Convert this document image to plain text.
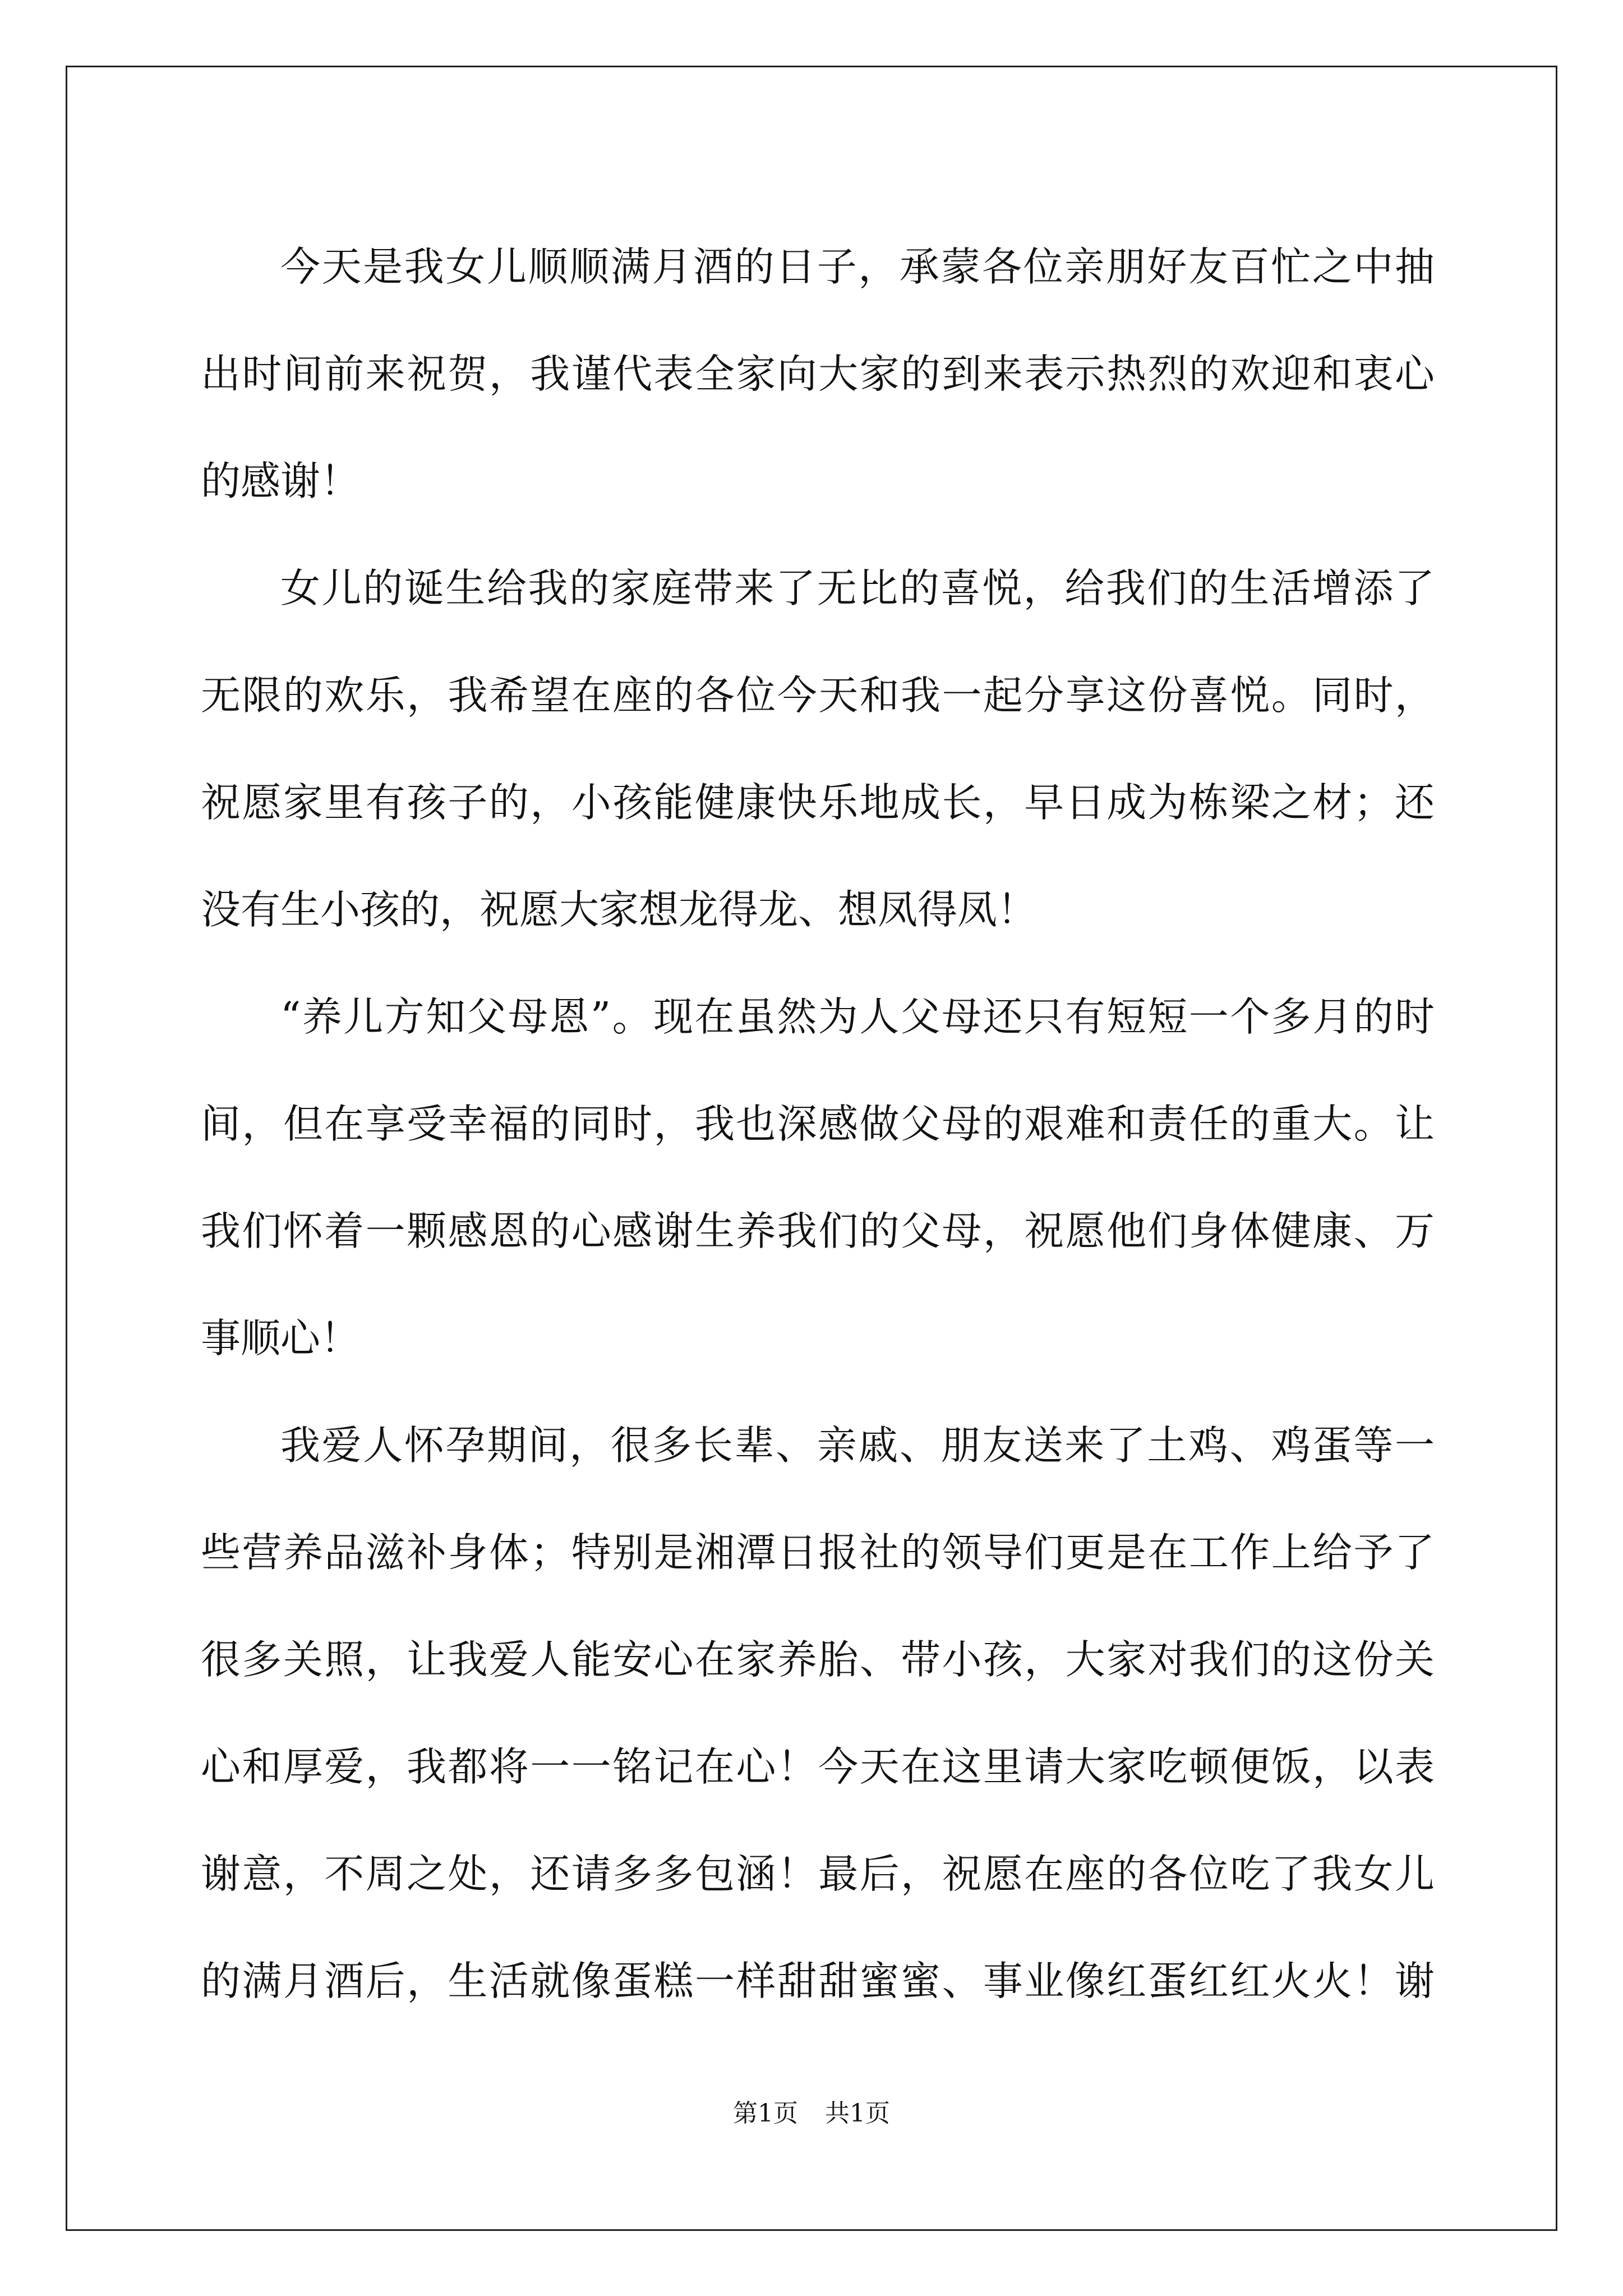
今天是我女儿顺顺满月酒的日子，承蒙各位亲朋好友百忙之中抽
出时间前来祝贺，我谨代表全家向大家的到来表示热烈的欢迎和衷心
的感谢！
女儿的诞生给我的家庭带来了无比的喜悦，给我们的生活增添了
无限的欢乐，我希望在座的各位今天和我一起分享这份喜悦。同时，
祝愿家里有孩子的，小孩能健康快乐地成长，早日成为栋梁之材；还
没有生小孩的，祝愿大家想龙得龙、想凤得凤！
“养儿方知父母恩”。现在虽然为人父母还只有短短一个多月的时
间，但在享受幸福的同时，我也深感做父母的艰难和责任的重大。让
我们怀着一颗感恩的心感谢生养我们的父母，祝愿他们身体健康、万
事顺心！
我爱人怀孕期间，很多长辈、亲戚、朋友送来了土鸡、鸡蛋等一
些营养品滋补身体；特别是湘潭日报社的领导们更是在工作上给予了
很多关照，让我爱人能安心在家养胎、带小孩，大家对我们的这份关
心和厚爱，我都将一一铭记在心！今天在这里请大家吃顿便饭，以表
谢意，不周之处，还请多多包涵！最后，祝愿在座的各位吃了我女儿
的满月酒后，生活就像蛋糕一样甜甜蜜蜜、事业像红蛋红红火火！谢
第1页 共1页
